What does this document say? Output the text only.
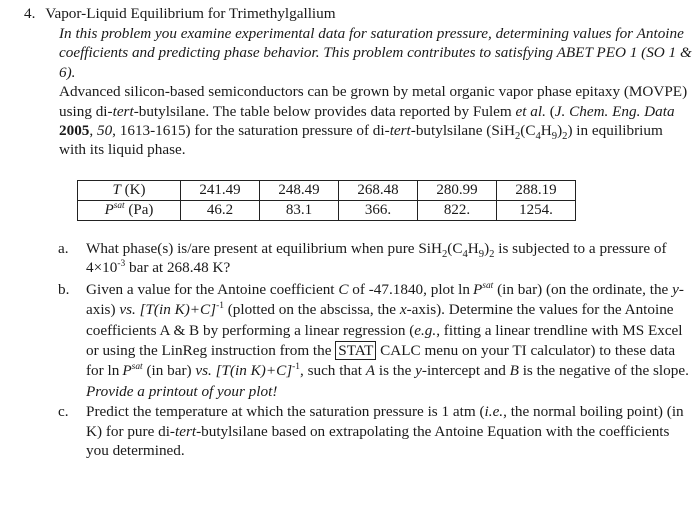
4. Vapor-Liquid Equilibrium for Trimethylgallium

In this problem you examine experimental data for saturation pressure, determining values for Antoine coefficients and predicting phase behavior. This problem contributes to satisfying ABET PEO 1 (SO 1 & 6).

Advanced silicon-based semiconductors can be grown by metal organic vapor phase epitaxy (MOVPE) using di-tert-butylsilane. The table below provides data reported by Fulem et al. (J. Chem. Eng. Data 2005, 50, 1613-1615) for the saturation pressure of di-tert-butylsilane $(SiH_2(C_4H_9)_2)$ in equilibrium with its liquid phase.

T (K)	241.49	248.49	268.48	280.99	288.19
$P^{sat}$ (Pa)	46.2	83.1	366.	822.	1254.
a. What phase(s) is/are present at equilibrium when pure $SiH_2(C_4H_9)_2$ is subjected to a pressure of $4\times 10^{-3}$ bar at 268.48 K?

b. Given a value for the Antoine coefficient C of -47.1840, plot $\ln P^{sat}$ (in bar) (on the ordinate, the y-axis) vs. [T(in K)+C]$^{-1}$ (plotted on the abscissa, the x-axis). Determine the values for the Antoine coefficients A & B by performing a linear regression (e.g., fitting a linear trendline with MS Excel or using the LinReg instruction from the STAT CALC menu on your TI calculator) to these data for $\ln P^{sat}$ (in bar) vs. [T(in K)+C]$^{-1}$, such that A is the y-intercept and B is the negative of the slope. Provide a printout of your plot!

c. Predict the temperature at which the saturation pressure is 1 atm (i.e., the normal boiling point) (in K) for pure di-tert-butylsilane based on extrapolating the Antoine Equation with the coefficients you determined.
